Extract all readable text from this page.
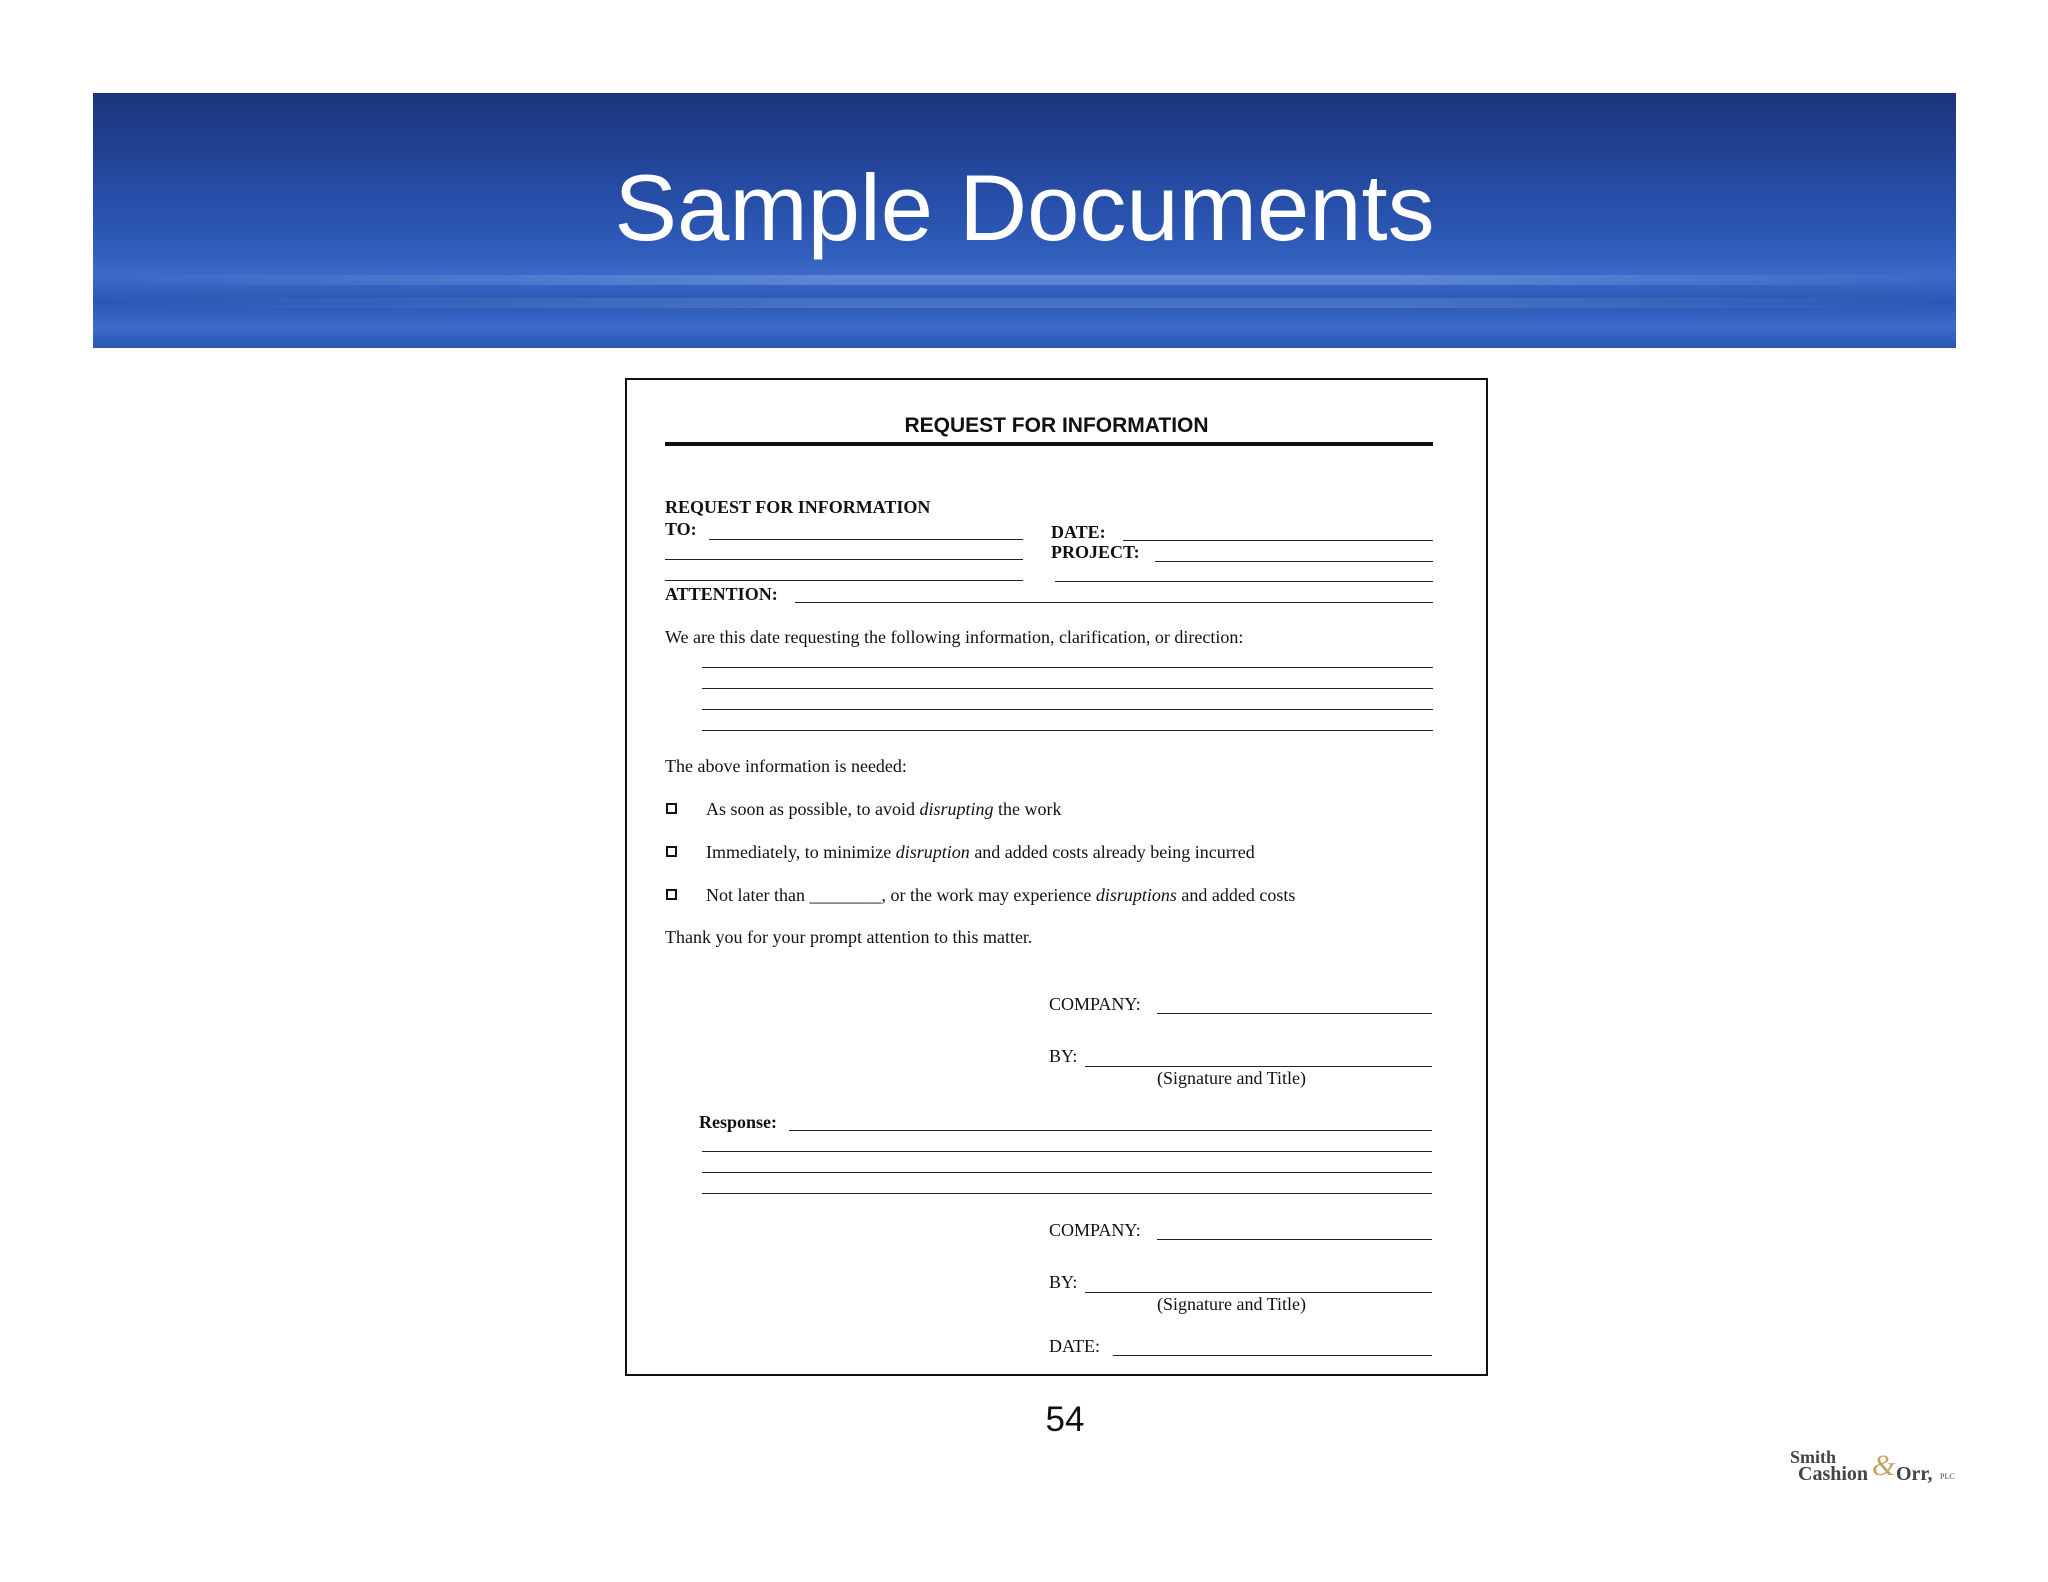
Sample Documents
REQUEST FOR INFORMATION
REQUEST FOR INFORMATION
TO:	DATE:
PROJECT:
ATTENTION:
We are this date requesting the following information, clarification, or direction:
The above information is needed:
As soon as possible, to avoid disrupting the work
Immediately, to minimize disruption and added costs already being incurred
Not later than ________, or the work may experience disruptions and added costs
Thank you for your prompt attention to this matter.
COMPANY:
BY:
(Signature and Title)
Response:
COMPANY:
BY:
(Signature and Title)
DATE:
54
Smith
Cashion & Orr, PLC
